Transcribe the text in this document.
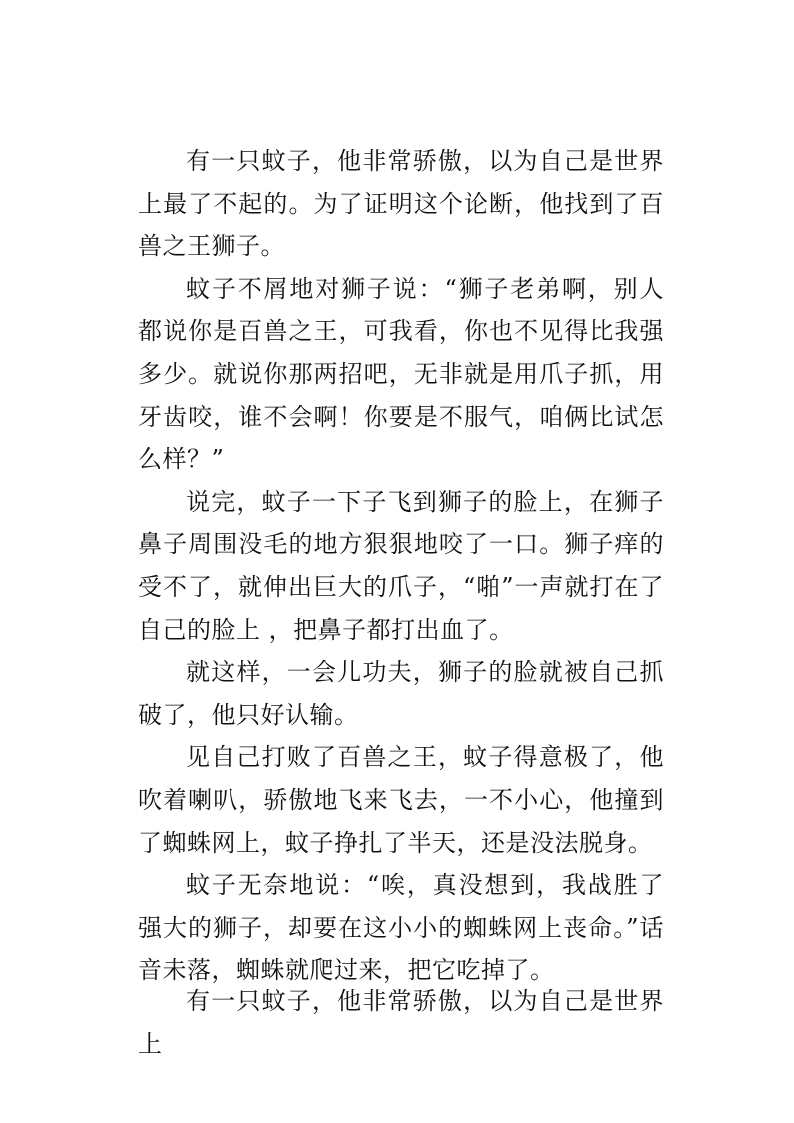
有一只蚊子，他非常骄傲，以为自己是世界上最了不起的。为了证明这个论断，他找到了百兽之王狮子。

蚊子不屑地对狮子说：“狮子老弟啊，别人都说你是百兽之王，可我看，你也不见得比我强多少。就说你那两招吧，无非就是用爪子抓，用牙齿咬，谁不会啊！你要是不服气，咱俩比试怎么样？”

说完，蚊子一下子飞到狮子的脸上，在狮子鼻子周围没毛的地方狠狠地咬了一口。狮子痒的受不了，就伸出巨大的爪子，“啪”一声就打在了自己的脸上 ，把鼻子都打出血了。

就这样，一会儿功夫，狮子的脸就被自己抓破了，他只好认输。

见自己打败了百兽之王，蚊子得意极了，他吹着喇叭，骄傲地飞来飞去，一不小心，他撞到了蜘蛛网上，蚊子挣扎了半天，还是没法脱身。

蚊子无奈地说：“唉，真没想到，我战胜了强大的狮子，却要在这小小的蜘蛛网上丧命。”话音未落，蜘蛛就爬过来，把它吃掉了。

有一只蚊子，他非常骄傲，以为自己是世界上
